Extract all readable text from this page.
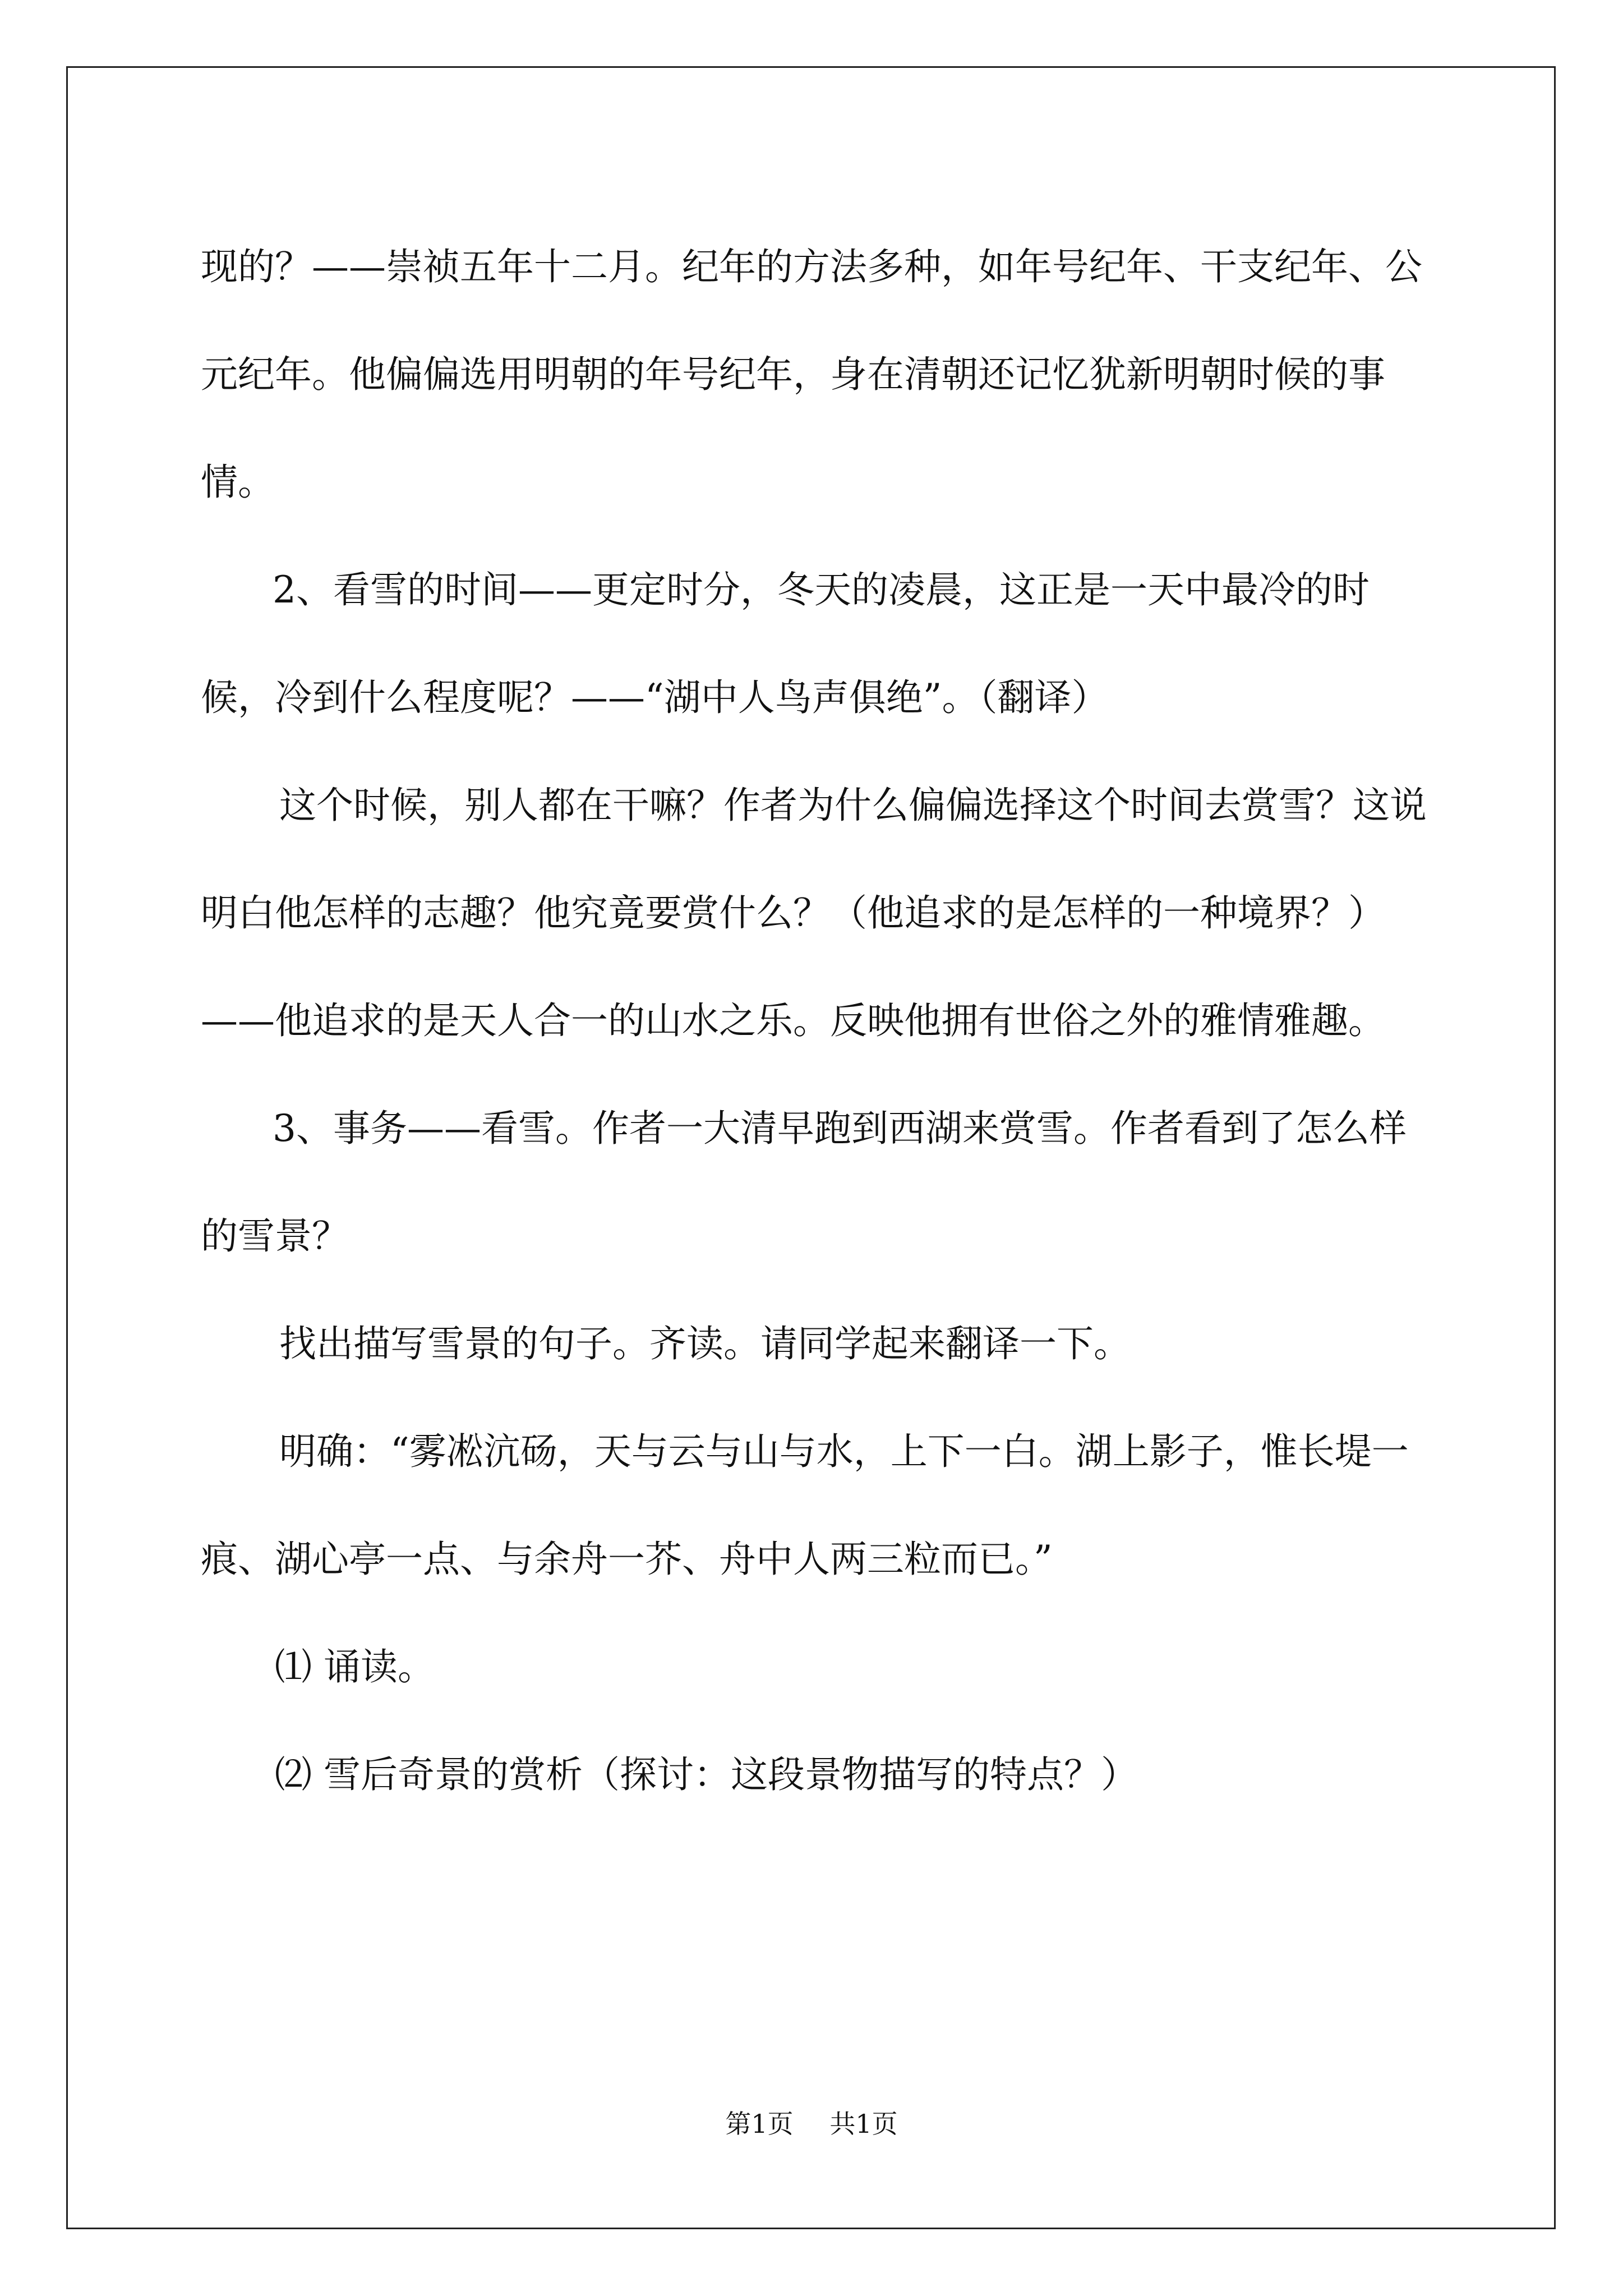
现的？——崇祯五年十二月。纪年的方法多种，如年号纪年、干支纪年、公元纪年。他偏偏选用明朝的年号纪年，身在清朝还记忆犹新明朝时候的事情。

2、看雪的时间——更定时分，冬天的凌晨，这正是一天中最冷的时候，冷到什么程度呢？——“湖中人鸟声俱绝”。（翻译）

这个时候，别人都在干嘛？作者为什么偏偏选择这个时间去赏雪？这说明白他怎样的志趣？他究竟要赏什么？（他追求的是怎样的一种境界？）

——他追求的是天人合一的山水之乐。反映他拥有世俗之外的雅情雅趣。

3、事务——看雪。作者一大清早跑到西湖来赏雪。作者看到了怎么样的雪景？

找出描写雪景的句子。齐读。请同学起来翻译一下。

明确：“雾凇沆砀，天与云与山与水，上下一白。湖上影子，惟长堤一痕、湖心亭一点、与余舟一芥、舟中人两三粒而已。”

⑴ 诵读。

⑵ 雪后奇景的赏析（探讨：这段景物描写的特点？）

第1页 共1页
